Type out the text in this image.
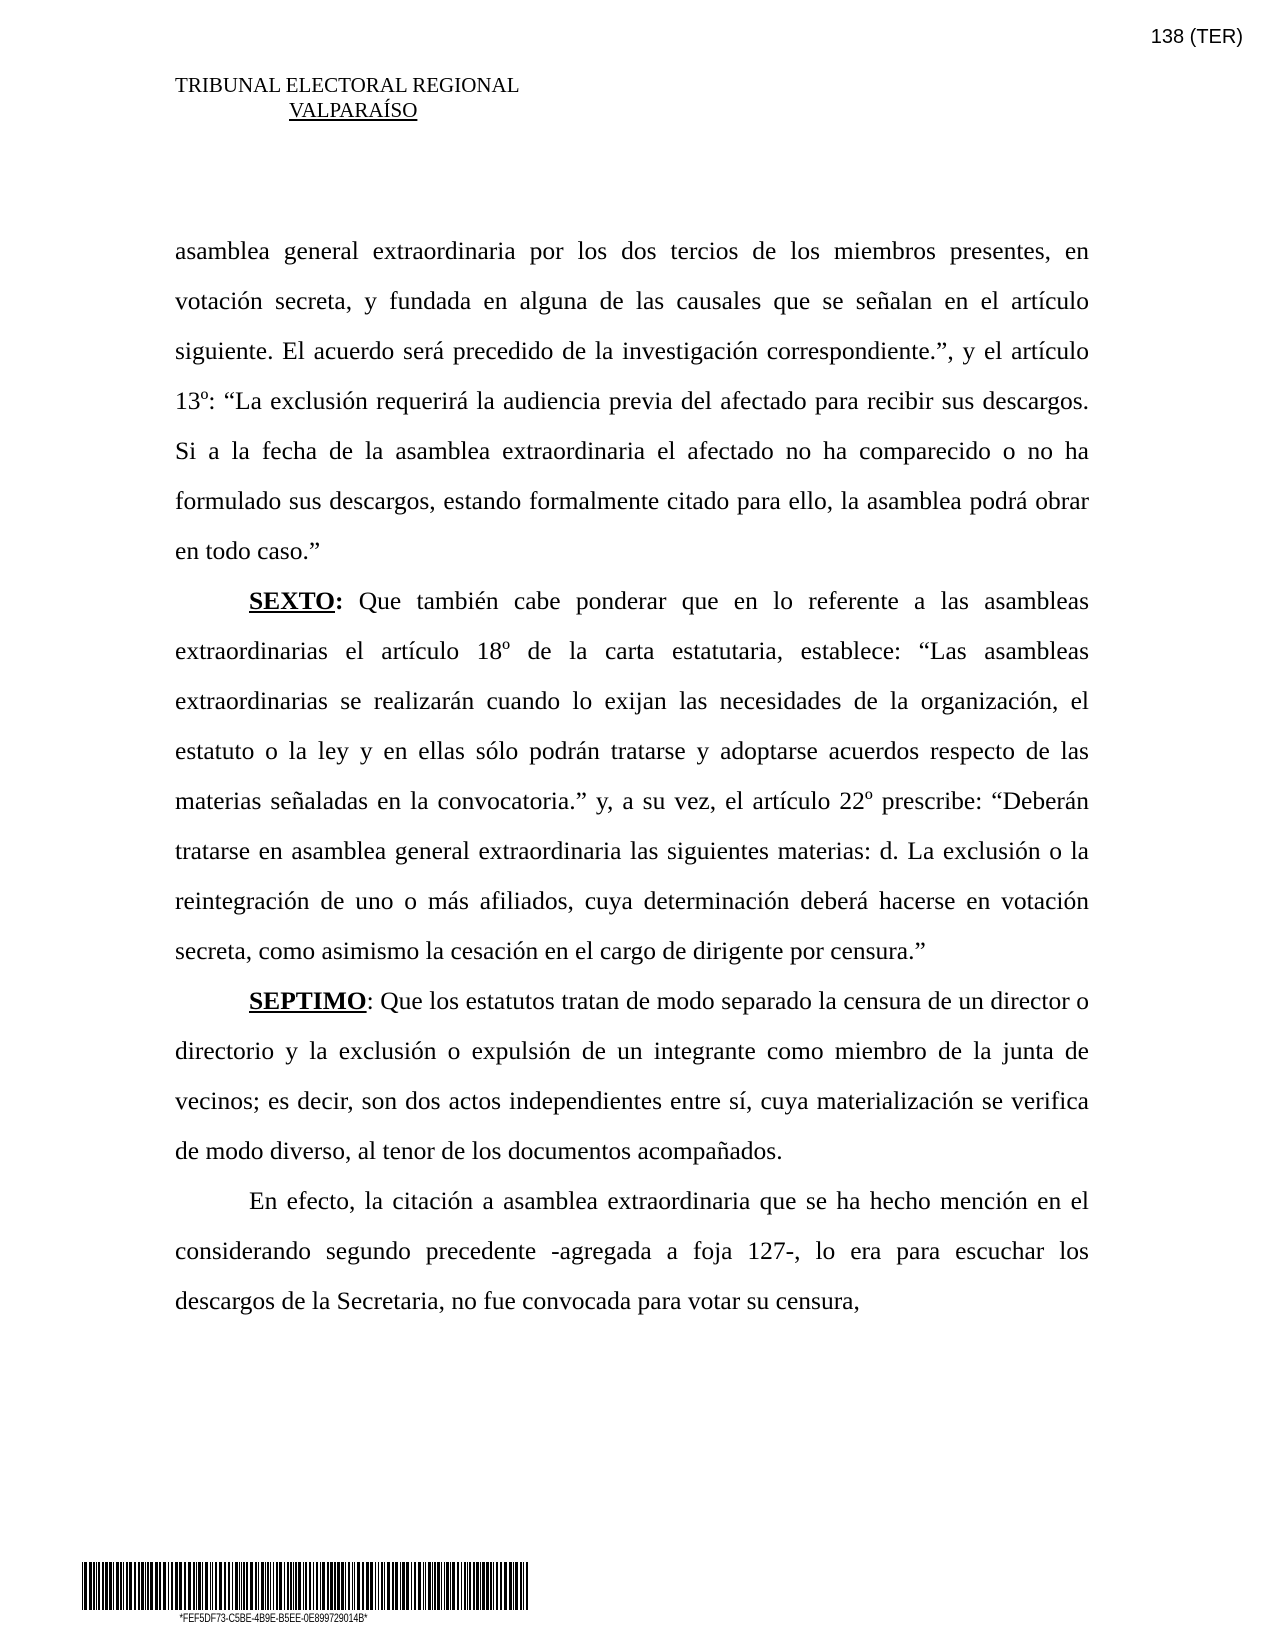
138 (TER)
TRIBUNAL ELECTORAL REGIONAL
VALPARAÍSO

asamblea general extraordinaria por los dos tercios de los miembros presentes, en votación secreta, y fundada en alguna de las causales que se señalan en el artículo siguiente. El acuerdo será precedido de la investigación correspondiente.”, y el artículo 13º: “La exclusión requerirá la audiencia previa del afectado para recibir sus descargos. Si a la fecha de la asamblea extraordinaria el afectado no ha comparecido o no ha formulado sus descargos, estando formalmente citado para ello, la asamblea podrá obrar en todo caso.”

SEXTO: Que también cabe ponderar que en lo referente a las asambleas extraordinarias el artículo 18º de la carta estatutaria, establece: “Las asambleas extraordinarias se realizarán cuando lo exijan las necesidades de la organización, el estatuto o la ley y en ellas sólo podrán tratarse y adoptarse acuerdos respecto de las materias señaladas en la convocatoria.” y, a su vez, el artículo 22º prescribe: “Deberán tratarse en asamblea general extraordinaria las siguientes materias: d. La exclusión o la reintegración de uno o más afiliados, cuya determinación deberá hacerse en votación secreta, como asimismo la cesación en el cargo de dirigente por censura.”

SEPTIMO: Que los estatutos tratan de modo separado la censura de un director o directorio y la exclusión o expulsión de un integrante como miembro de la junta de vecinos; es decir, son dos actos independientes entre sí, cuya materialización se verifica de modo diverso, al tenor de los documentos acompañados.

En efecto, la citación a asamblea extraordinaria que se ha hecho mención en el considerando segundo precedente -agregada a foja 127-, lo era para escuchar los descargos de la Secretaria, no fue convocada para votar su censura,

*FEF5DF73-C5BE-4B9E-B5EE-0E899729014B*
